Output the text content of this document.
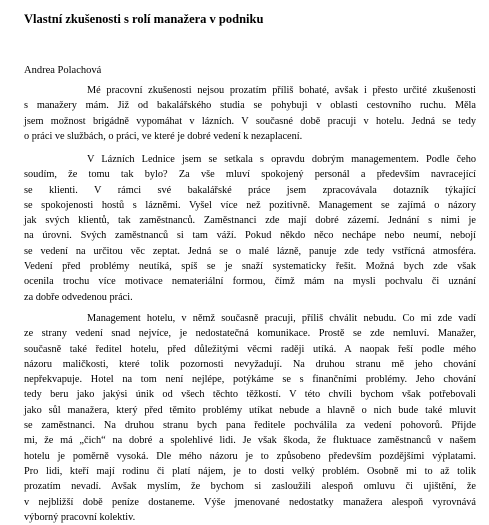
Vlastní zkušenosti s rolí manažera v podniku

Andrea Polachová

Mé pracovní zkušenosti nejsou prozatím příliš bohaté, avšak i přesto určité zkušenosti
s manažery mám. Již od bakalářského studia se pohybuji v oblasti cestovního ruchu. Měla
jsem možnost brigádně vypomáhat v lázních. V současné době pracuji v hotelu. Jedná se tedy
o práci ve službách, o práci, ve které je dobré vedení k nezaplacení.
V Lázních Lednice jsem se setkala s opravdu dobrým managementem. Podle čeho
soudím, že tomu tak bylo? Za vše mluví spokojený personál a především navracející
se klienti. V rámci své bakalářské práce jsem zpracovávala dotazník týkající
se spokojenosti hostů s lázněmi. Vyšel více než pozitivně. Management se zajímá o názory
jak svých klientů, tak zaměstnanců. Zaměstnanci zde mají dobré zázemí. Jednání s nimi je
na úrovni. Svých zaměstnanců si tam váží. Pokud někdo něco nechápe nebo neumí, nebojí
se vedení na určitou věc zeptat. Jedná se o malé lázně, panuje zde tedy vstřícná atmosféra.
Vedení před problémy neutíká, spíš se je snaží systematicky řešit. Možná bych zde však
ocenila trochu více motivace nemateriální formou, čímž mám na mysli pochvalu či uznání
za dobře odvedenou práci.
Management hotelu, v němž současně pracuji, příliš chválit nebudu. Co mi zde vadí
ze strany vedení snad nejvíce, je nedostatečná komunikace. Prostě se zde nemluví. Manažer,
současně také ředitel hotelu, před důležitými věcmi raději utíká. A naopak řeší podle mého
názoru maličkosti, které tolik pozornosti nevyžadují. Na druhou stranu mě jeho chování
nepřekvapuje. Hotel na tom není nejlépe, potýkáme se s finančními problémy. Jeho chování
tedy beru jako jakýsi únik od všech těchto těžkostí. V této chvíli bychom však potřebovali
jako sůl manažera, který před těmito problémy utíkat nebude a hlavně o nich bude také mluvit
se zaměstnanci. Na druhou stranu bych pana ředitele pochválila za vedení pohovorů. Přijde
mi, že má „čich“ na dobré a spolehlivé lidi. Je však škoda, že fluktuace zaměstnanců v našem
hotelu je poměrně vysoká. Dle mého názoru je to způsobeno především pozdějšími výplatami.
Pro lidi, kteří mají rodinu či platí nájem, je to dosti velký problém. Osobně mi to až tolik
prozatím nevadí. Avšak myslím, že bychom si zasloužili alespoň omluvu či ujištění, že
v nejbližší době peníze dostaneme. Výše jmenované nedostatky manažera alespoň vyrovnává
výborný pracovní kolektiv.
